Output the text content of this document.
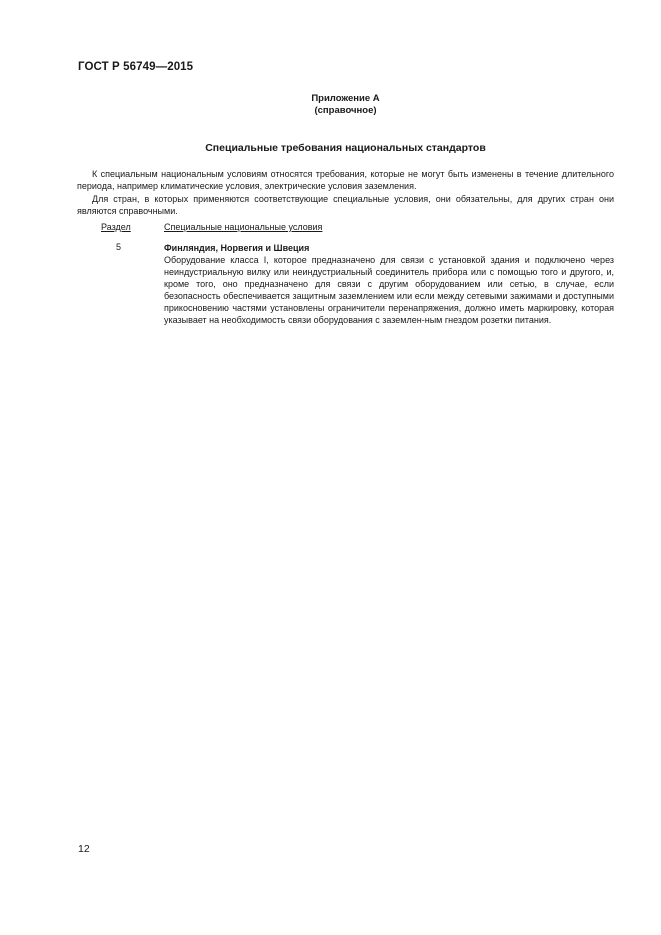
ГОСТ Р 56749—2015
Приложение А
(справочное)
Специальные требования национальных стандартов

К специальным национальным условиям относятся требования, которые не могут быть изменены в течение длительного периода, например климатические условия, электрические условия заземления.

Для стран, в которых применяются соответствующие специальные условия, они обязательны, для других стран они являются справочными.

Раздел	Специальные национальные условия
5	Финляндия, Норвегия и Швеция

Оборудование класса I, которое предназначено для связи с установкой здания и подключено через неиндустриальную вилку или неиндустриальный соединитель прибора или с помощью того и другого, и, кроме того, оно предназначено для связи с другим оборудованием или сетью, в случае, если безопасность обеспечивается защитным заземлением или если между сетевыми зажимами и доступными прикосновению частями установлены ограничители перенапряжения, должно иметь маркировку, которая указывает на необходимость связи оборудования с заземлен-ным гнездом розетки питания.

12
